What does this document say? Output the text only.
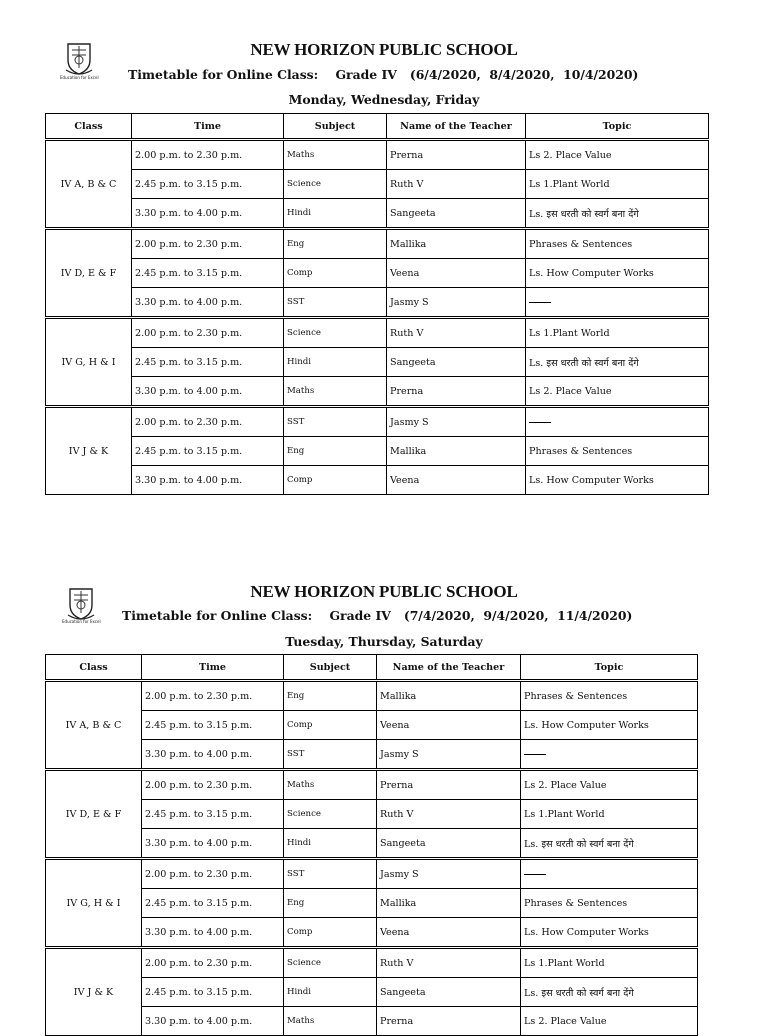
Education for Excel
NEW HORIZON PUBLIC SCHOOL
Timetable for Online Class:    Grade IV   (6/4/2020,  8/4/2020,  10/4/2020)
Monday, Wednesday, Friday
Class	Time	Subject	Name of the Teacher	Topic
IV A, B & C	2.00 p.m. to 2.30 p.m.	Maths	Prerna	Ls 2. Place Value
	2.45 p.m. to 3.15 p.m.	Science	Ruth V	Ls 1.Plant World
	3.30 p.m. to 4.00 p.m.	Hindi	Sangeeta	Ls. इस धरती को स्वर्ग बना देंगे
IV D, E & F	2.00 p.m. to 2.30 p.m.	Eng	Mallika	Phrases & Sentences
	2.45 p.m. to 3.15 p.m.	Comp	Veena	Ls. How Computer Works
	3.30 p.m. to 4.00 p.m.	SST	Jasmy S	
IV G, H & I	2.00 p.m. to 2.30 p.m.	Science	Ruth V	Ls 1.Plant World
	2.45 p.m. to 3.15 p.m.	Hindi	Sangeeta	Ls. इस धरती को स्वर्ग बना देंगे
	3.30 p.m. to 4.00 p.m.	Maths	Prerna	Ls 2. Place Value
IV J & K	2.00 p.m. to 2.30 p.m.	SST	Jasmy S	
	2.45 p.m. to 3.15 p.m.	Eng	Mallika	Phrases & Sentences
	3.30 p.m. to 4.00 p.m.	Comp	Veena	Ls. How Computer Works
Education for Excel
NEW HORIZON PUBLIC SCHOOL
Timetable for Online Class:    Grade IV   (7/4/2020,  9/4/2020,  11/4/2020)
Tuesday, Thursday, Saturday
Class	Time	Subject	Name of the Teacher	Topic
IV A, B & C	2.00 p.m. to 2.30 p.m.	Eng	Mallika	Phrases & Sentences
	2.45 p.m. to 3.15 p.m.	Comp	Veena	Ls. How Computer Works
	3.30 p.m. to 4.00 p.m.	SST	Jasmy S	
IV D, E & F	2.00 p.m. to 2.30 p.m.	Maths	Prerna	Ls 2. Place Value
	2.45 p.m. to 3.15 p.m.	Science	Ruth V	Ls 1.Plant World
	3.30 p.m. to 4.00 p.m.	Hindi	Sangeeta	Ls. इस धरती को स्वर्ग बना देंगे
IV G, H & I	2.00 p.m. to 2.30 p.m.	SST	Jasmy S	
	2.45 p.m. to 3.15 p.m.	Eng	Mallika	Phrases & Sentences
	3.30 p.m. to 4.00 p.m.	Comp	Veena	Ls. How Computer Works
IV J & K	2.00 p.m. to 2.30 p.m.	Science	Ruth V	Ls 1.Plant World
	2.45 p.m. to 3.15 p.m.	Hindi	Sangeeta	Ls. इस धरती को स्वर्ग बना देंगे
	3.30 p.m. to 4.00 p.m.	Maths	Prerna	Ls 2. Place Value
